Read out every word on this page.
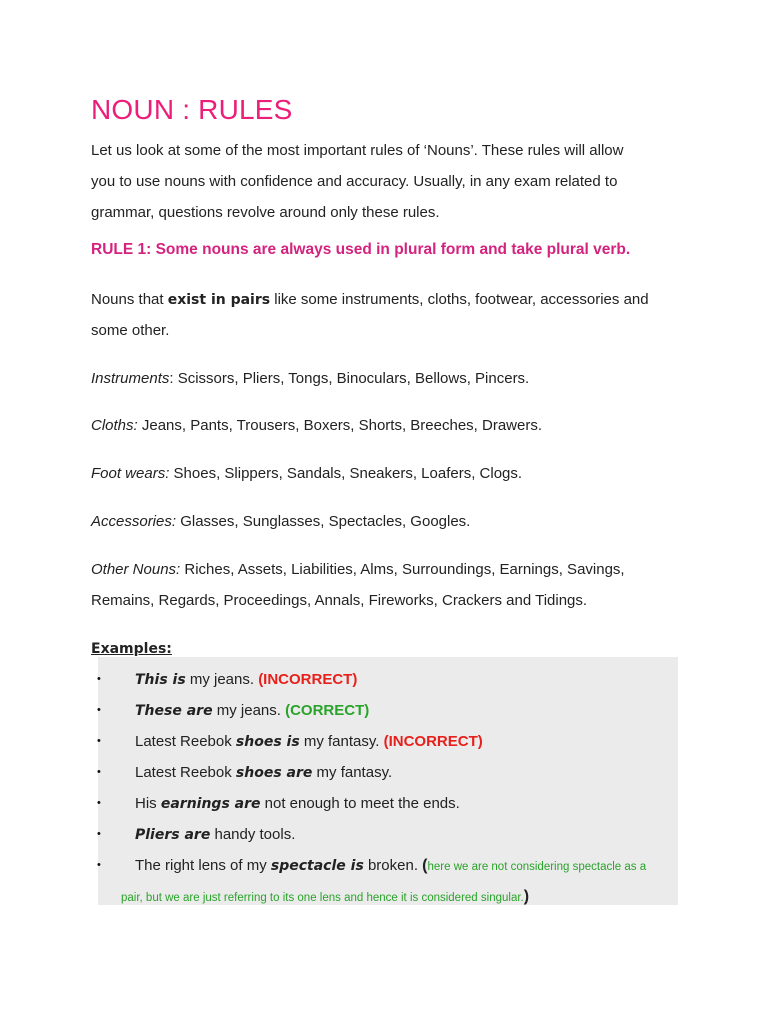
NOUN : RULES

Let us look at some of the most important rules of ‘Nouns’. These rules will allow

you to use nouns with confidence and accuracy. Usually, in any exam related to

grammar, questions revolve around only these rules.

RULE 1: Some nouns are always used in plural form and take plural verb.

Nouns that exist in pairs like some instruments, cloths, footwear, accessories and

some other.

Instruments: Scissors, Pliers, Tongs, Binoculars, Bellows, Pincers.

Cloths: Jeans, Pants, Trousers, Boxers, Shorts, Breeches, Drawers.

Foot wears: Shoes, Slippers, Sandals, Sneakers, Loafers, Clogs.

Accessories: Glasses, Sunglasses, Spectacles, Googles.

Other Nouns: Riches, Assets, Liabilities, Alms, Surroundings, Earnings, Savings,

Remains, Regards, Proceedings, Annals, Fireworks, Crackers and Tidings.

Examples:

• This is my jeans. (INCORRECT)
• These are my jeans. (CORRECT)
• Latest Reebok shoes is my fantasy. (INCORRECT)
• Latest Reebok shoes are my fantasy.
• His earnings are not enough to meet the ends.
• Pliers are handy tools.
• The right lens of my spectacle is broken. (here we are not considering spectacle as a
pair, but we are just referring to its one lens and hence it is considered singular.)
